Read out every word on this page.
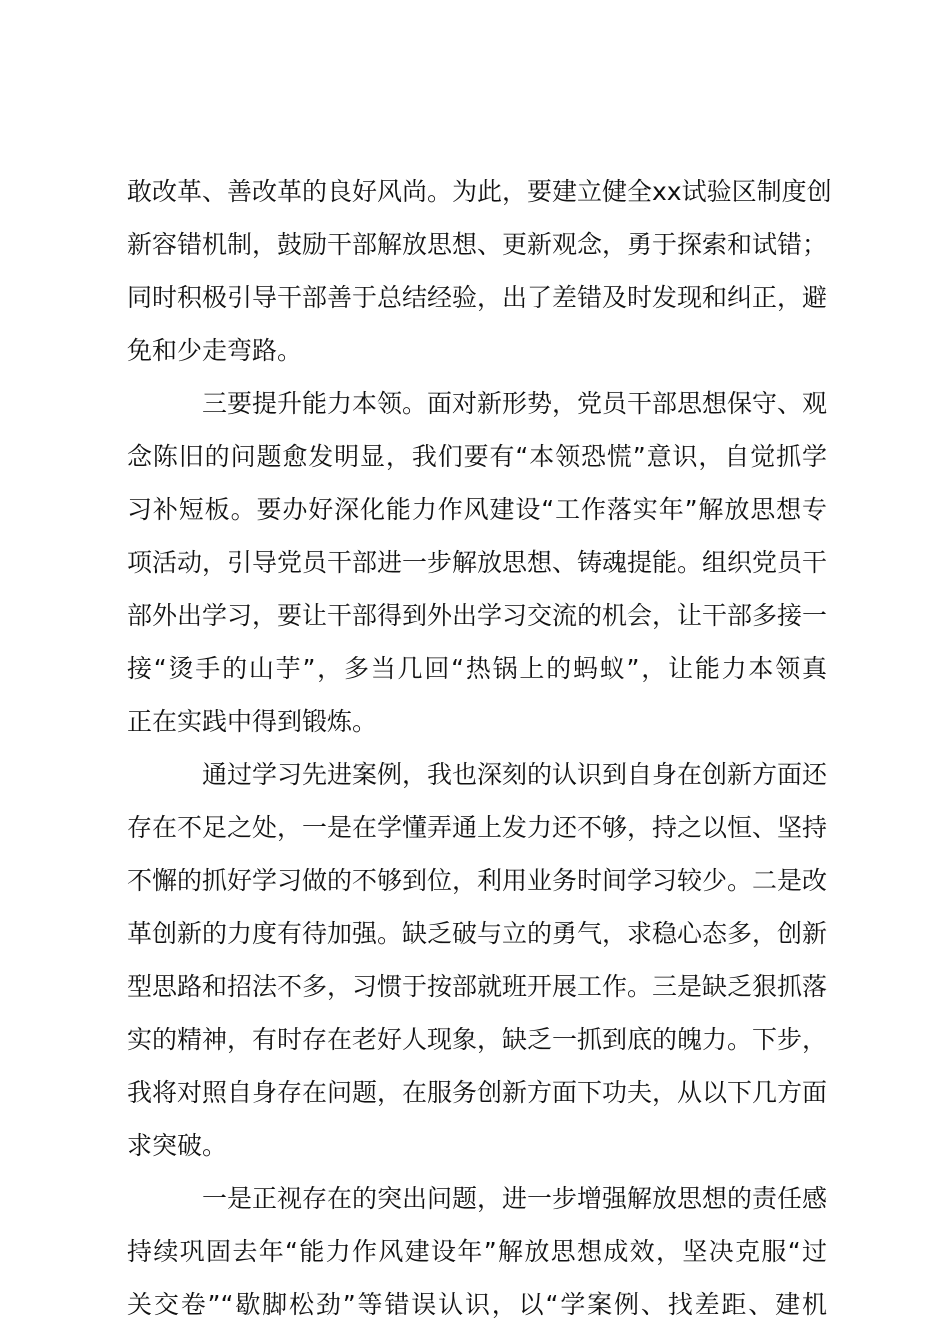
敢改革、善改革的良好风尚。为此，要建立健全xx试验区制度创
新容错机制，鼓励干部解放思想、更新观念，勇于探索和试错；
同时积极引导干部善于总结经验，出了差错及时发现和纠正，避
免和少走弯路。
三要提升能力本领。面对新形势，党员干部思想保守、观
念陈旧的问题愈发明显，我们要有“本领恐慌”意识，自觉抓学
习补短板。要办好深化能力作风建设“工作落实年”解放思想专
项活动，引导党员干部进一步解放思想、铸魂提能。组织党员干
部外出学习，要让干部得到外出学习交流的机会，让干部多接一
接“烫手的山芋”，多当几回“热锅上的蚂蚁”，让能力本领真
正在实践中得到锻炼。
通过学习先进案例，我也深刻的认识到自身在创新方面还
存在不足之处，一是在学懂弄通上发力还不够，持之以恒、坚持
不懈的抓好学习做的不够到位，利用业务时间学习较少。二是改
革创新的力度有待加强。缺乏破与立的勇气，求稳心态多，创新
型思路和招法不多，习惯于按部就班开展工作。三是缺乏狠抓落
实的精神，有时存在老好人现象，缺乏一抓到底的魄力。下步，
我将对照自身存在问题，在服务创新方面下功夫，从以下几方面
求突破。
一是正视存在的突出问题，进一步增强解放思想的责任感
持续巩固去年“能力作风建设年”解放思想成效，坚决克服“过
关交卷”“歇脚松劲”等错误认识，以“学案例、找差距、建机
